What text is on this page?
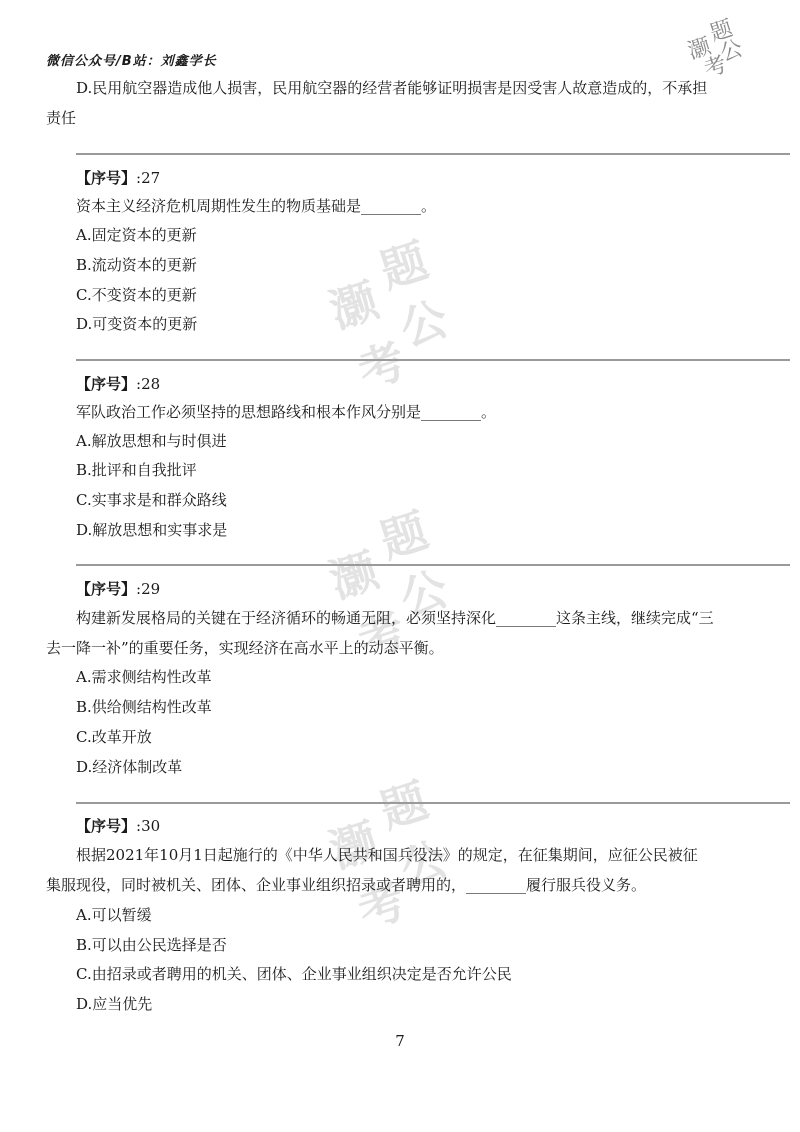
微信公众号/B站：刘鑫学长
题
灏 公
考
题
灏 公
考
题
灏 公
考
题
灏 公
考
D.民用航空器造成他人损害，民用航空器的经营者能够证明损害是因受害人故意造成的，不承担
责任
【序号】:27
资本主义经济危机周期性发生的物质基础是________。
A.固定资本的更新
B.流动资本的更新
C.不变资本的更新
D.可变资本的更新
【序号】:28
军队政治工作必须坚持的思想路线和根本作风分别是________。
A.解放思想和与时俱进
B.批评和自我批评
C.实事求是和群众路线
D.解放思想和实事求是
【序号】:29
构建新发展格局的关键在于经济循环的畅通无阻，必须坚持深化________这条主线，继续完成“三
去一降一补”的重要任务，实现经济在高水平上的动态平衡。
A.需求侧结构性改革
B.供给侧结构性改革
C.改革开放
D.经济体制改革
【序号】:30
根据2021年10月1日起施行的《中华人民共和国兵役法》的规定，在征集期间，应征公民被征
集服现役，同时被机关、团体、企业事业组织招录或者聘用的，________履行服兵役义务。
A.可以暂缓
B.可以由公民选择是否
C.由招录或者聘用的机关、团体、企业事业组织决定是否允许公民
D.应当优先
7
